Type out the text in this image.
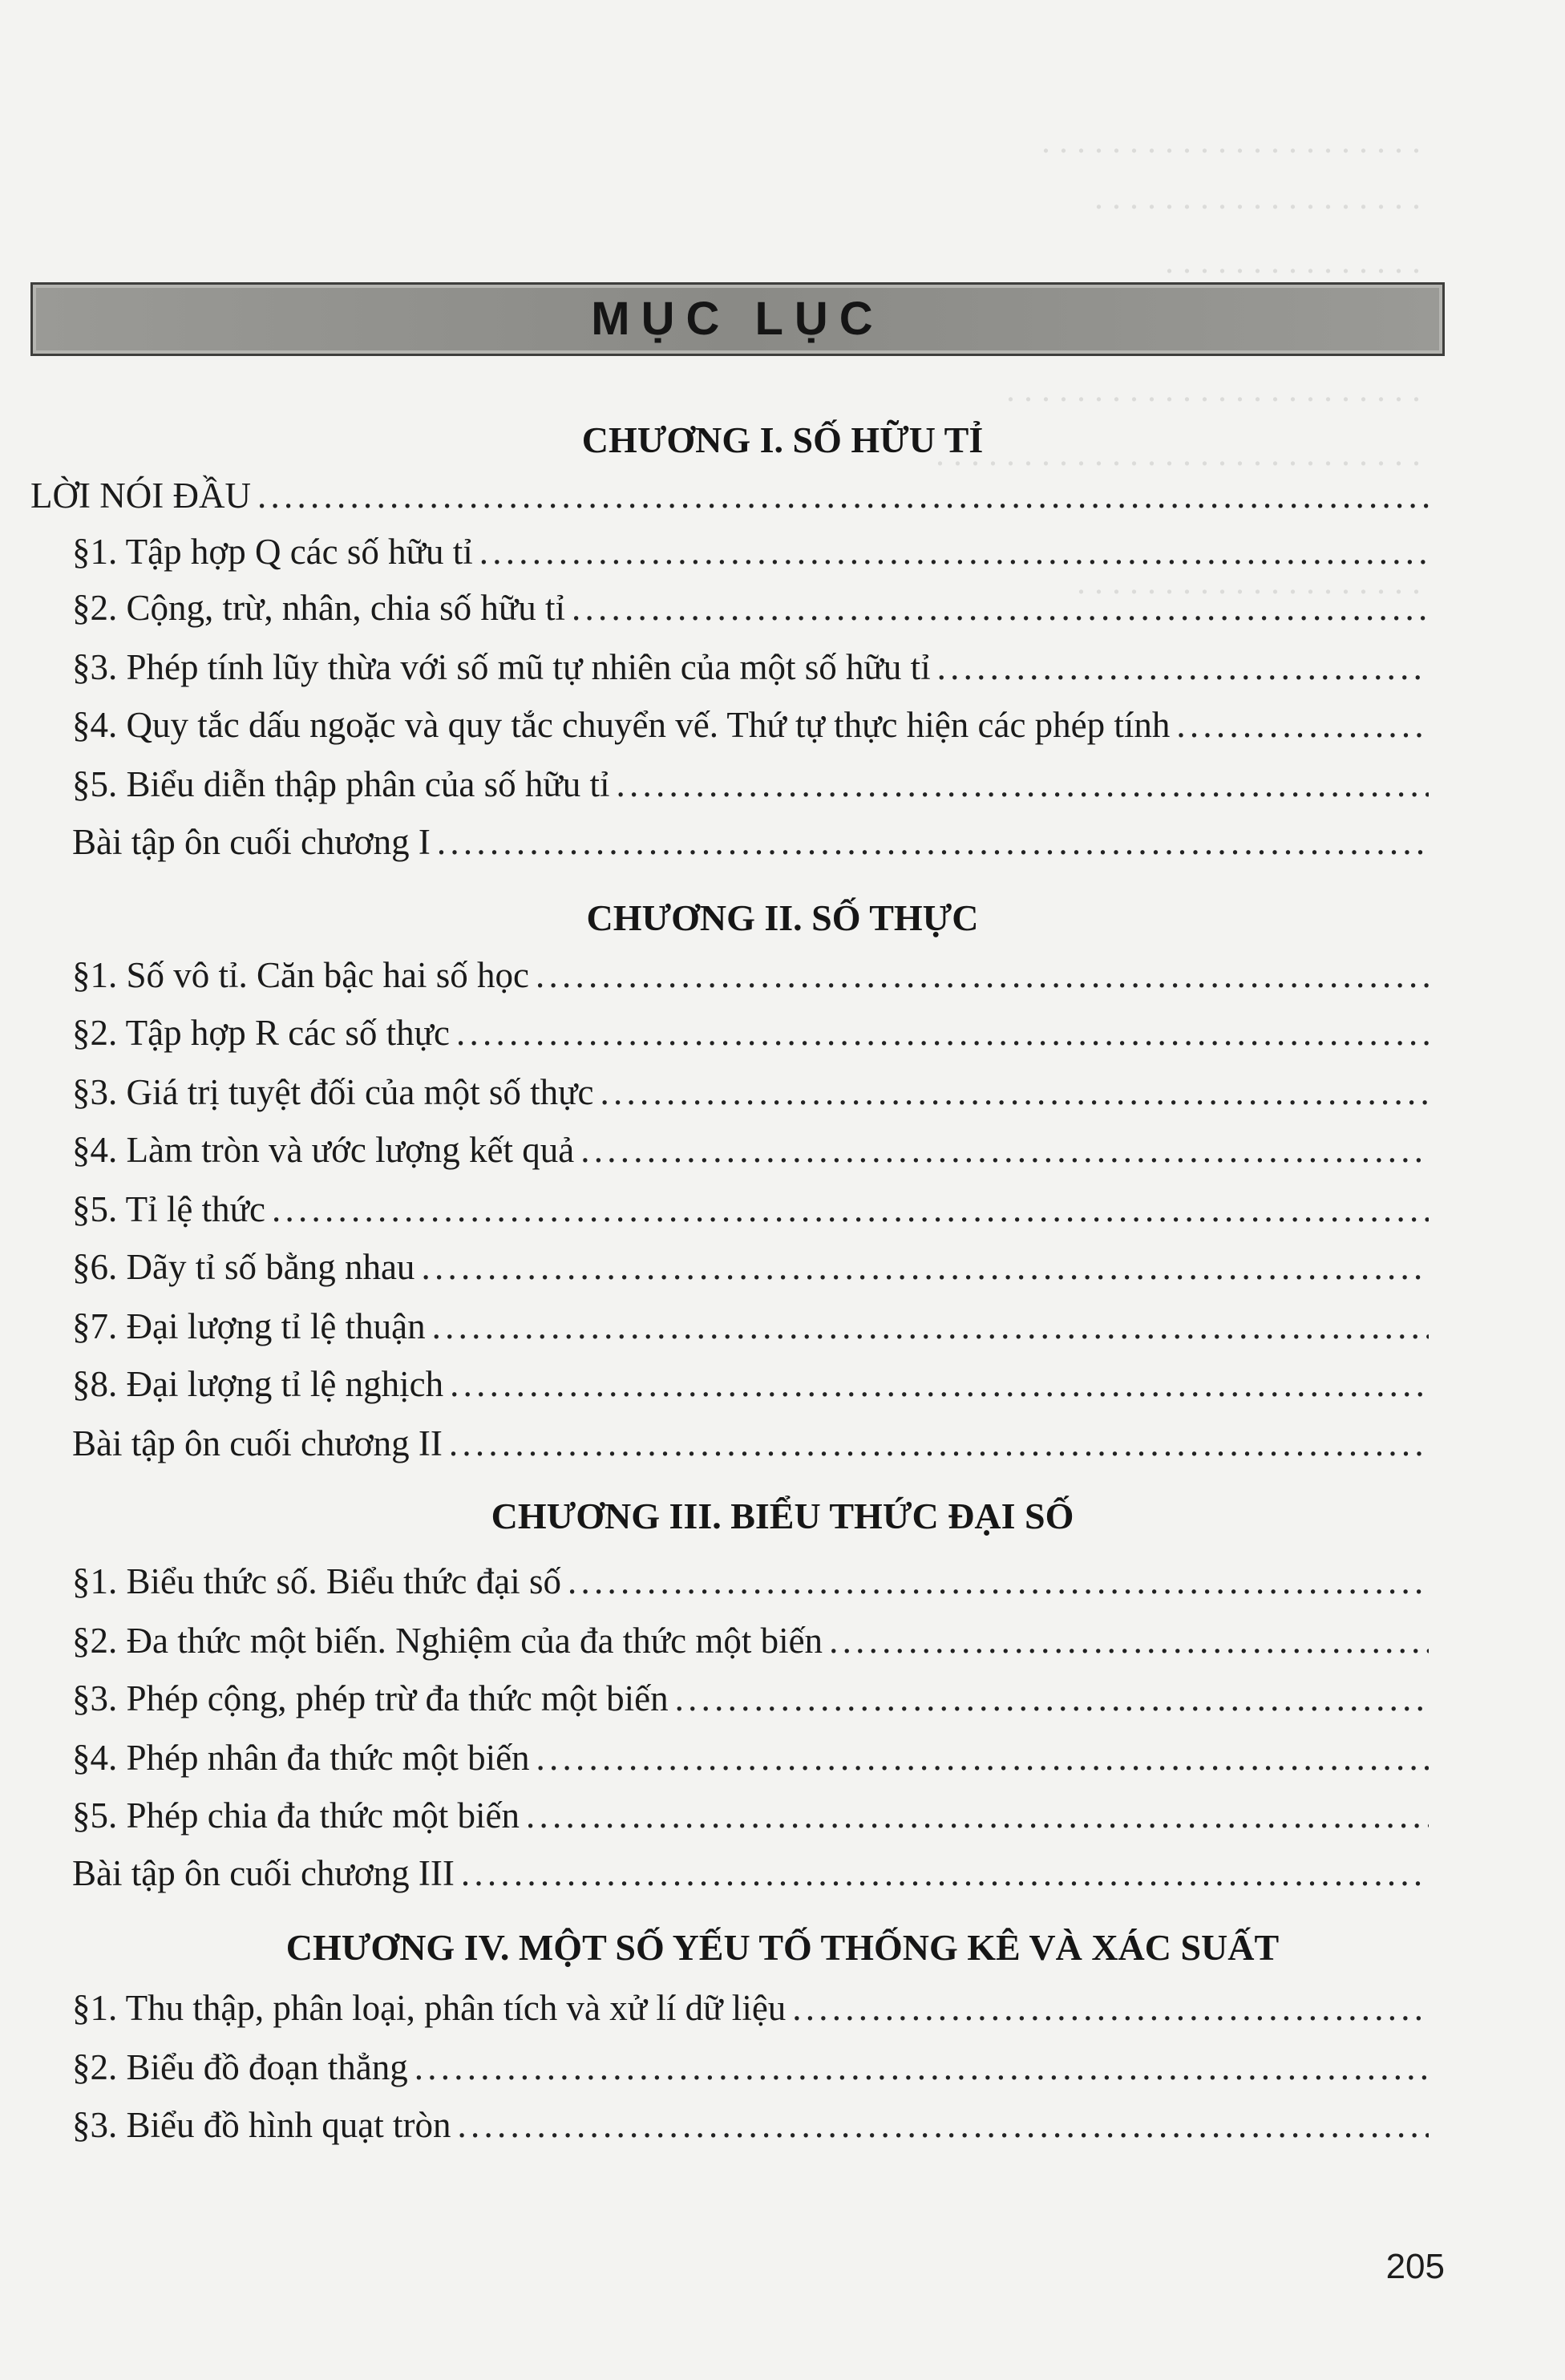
. . . . . . . . . . . . . . . . . . . . . .
. . . . . . . . . . . . . . . . . . .
. . . . . . . . . . . . . . .
. . . . . . . . . . . . . . . . . . . . . . . .
. . . . . . . . . . . . . . . . . . . . . . . . . . . .
. . . . . . . . . . . . . . . . . . . .
MỤC LỤC
CHƯƠNG I. SỐ HỮU TỈ
LỜI NÓI ĐẦU
. . .
§1. Tập hợp Q các số hữu tỉ
. . .
§2. Cộng, trừ, nhân, chia số hữu tỉ
. . .
§3. Phép tính lũy thừa với số mũ tự nhiên của một số hữu tỉ
. . .
§4. Quy tắc dấu ngoặc và quy tắc chuyển vế. Thứ tự thực hiện các phép tính
. . .
§5. Biểu diễn thập phân của số hữu tỉ
. . .
Bài tập ôn cuối chương I
. . .
CHƯƠNG II. SỐ THỰC
§1. Số vô tỉ. Căn bậc hai số học
. . .
§2. Tập hợp R các số thực
. . .
§3. Giá trị tuyệt đối của một số thực
. . .
§4. Làm tròn và ước lượng kết quả
. . .
§5. Tỉ lệ thức
. . .
§6. Dãy tỉ số bằng nhau
. . .
§7. Đại lượng tỉ lệ thuận
. . .
§8. Đại lượng tỉ lệ nghịch
. . .
Bài tập ôn cuối chương II
. . .
CHƯƠNG III. BIỂU THỨC ĐẠI SỐ
§1. Biểu thức số. Biểu thức đại số
. . .
§2. Đa thức một biến. Nghiệm của đa thức một biến
. . .
§3. Phép cộng, phép trừ đa thức một biến
. . .
§4. Phép nhân đa thức một biến
. . .
§5. Phép chia đa thức một biến
. . .
Bài tập ôn cuối chương III
. . .
CHƯƠNG IV. MỘT SỐ YẾU TỐ THỐNG KÊ VÀ XÁC SUẤT
§1. Thu thập, phân loại, phân tích và xử lí dữ liệu
. . .
§2. Biểu đồ đoạn thẳng
. . .
§3. Biểu đồ hình quạt tròn
. . .
205
